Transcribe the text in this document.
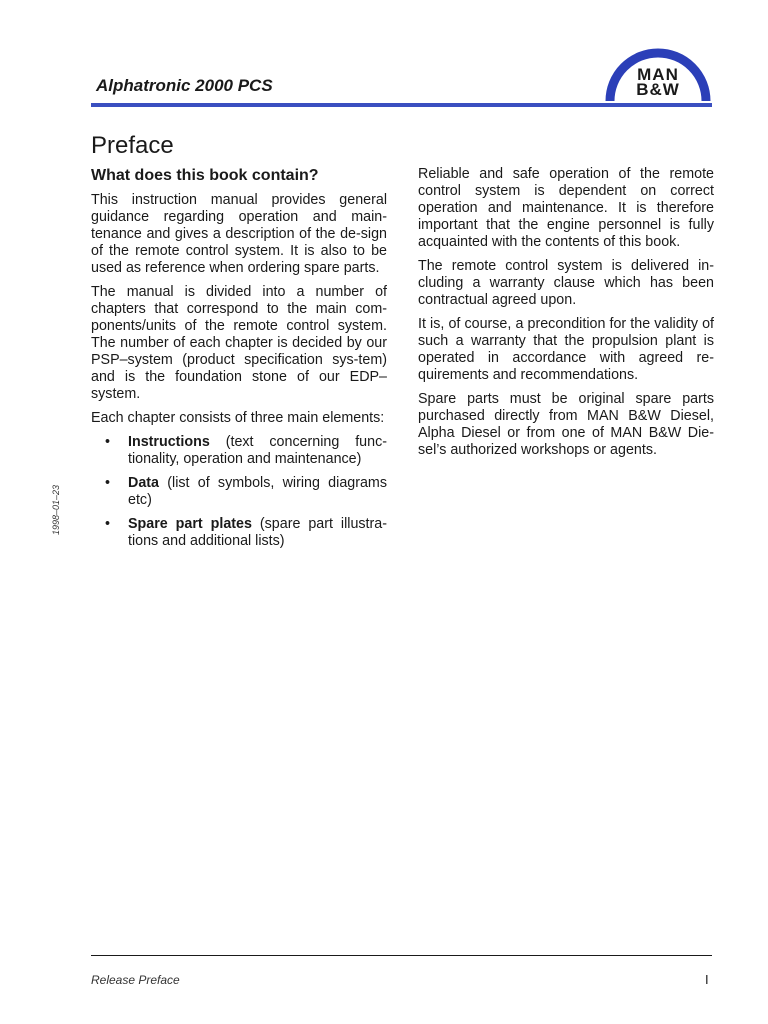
Alphatronic 2000 PCS
MAN
B&W
Preface
What does this book contain?

This instruction manual provides general guidance regarding operation and main-tenance and gives a description of the de-sign of the remote control system. It is also to be used as reference when ordering spare parts.

The manual is divided into a number of chapters that correspond to the main com-ponents/units of the remote control system. The number of each chapter is decided by our PSP–system (product specification sys-tem) and is the foundation stone of our EDP–system.

Each chapter consists of three main elements:

• Instructions (text concerning func-tionality, operation and maintenance)
• Data (list of symbols, wiring diagrams etc)
• Spare part plates (spare part illustra-tions and additional lists)

Reliable and safe operation of the remote control system is dependent on correct operation and maintenance. It is therefore important that the engine personnel is fully acquainted with the contents of this book.

The remote control system is delivered in-cluding a warranty clause which has been contractual agreed upon.

It is, of course, a precondition for the validity of such a warranty that the propulsion plant is operated in accordance with agreed re-quirements and recommendations.

Spare parts must be original spare parts purchased directly from MAN B&W Diesel, Alpha Diesel or from one of MAN B&W Die-sel’s authorized workshops or agents.

1998–01–23
Release Preface	I
